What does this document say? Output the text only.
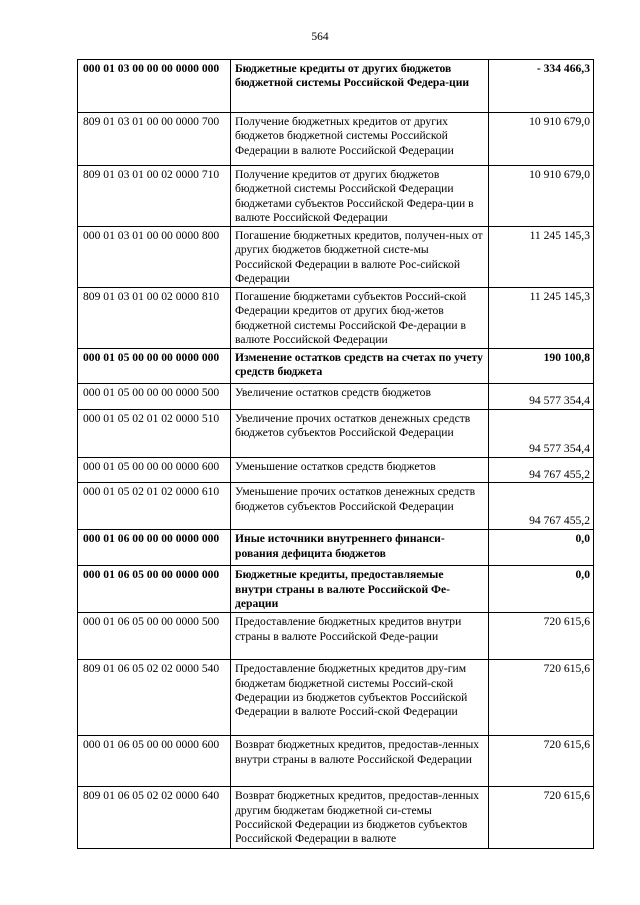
564
000 01 03 00 00 00 0000 000	Бюджетные кредиты от других бюджетов бюджетной системы Российской Федера-ции	- 334 466,3
809 01 03 01 00 00 0000 700	Получение бюджетных кредитов от других бюджетов бюджетной системы Российской Федерации в валюте Российской Федерации	10 910 679,0
809 01 03 01 00 02 0000 710	Получение кредитов от других бюджетов бюджетной системы Российской Федерации бюджетами субъектов Российской Федера-ции в валюте Российской Федерации	10 910 679,0
000 01 03 01 00 00 0000 800	Погашение бюджетных кредитов, получен-ных от других бюджетов бюджетной систе-мы Российской Федерации в валюте Рос-сийской Федерации	11 245 145,3
809 01 03 01 00 02 0000 810	Погашение бюджетами субъектов Россий-ской Федерации кредитов от других бюд-жетов бюджетной системы Российской Фе-дерации в валюте Российской Федерации	11 245 145,3
000 01 05 00 00 00 0000 000	Изменение остатков средств на счетах по учету средств бюджета	190 100,8
000 01 05 00 00 00 0000 500	Увеличение остатков средств бюджетов	94 577 354,4
000 01 05 02 01 02 0000 510	Увеличение прочих остатков денежных средств бюджетов субъектов Российской Федерации	94 577 354,4
000 01 05 00 00 00 0000 600	Уменьшение остатков средств бюджетов	94 767 455,2
000 01 05 02 01 02 0000 610	Уменьшение прочих остатков денежных средств бюджетов субъектов Российской Федерации	94 767 455,2
000 01 06 00 00 00 0000 000	Иные источники внутреннего финанси-рования дефицита бюджетов	0,0
000 01 06 05 00 00 0000 000	Бюджетные кредиты, предоставляемые внутри страны в валюте Российской Фе-дерации	0,0
000 01 06 05 00 00 0000 500	Предоставление бюджетных кредитов внутри страны в валюте Российской Феде-рации	720 615,6
809 01 06 05 02 02 0000 540	Предоставление бюджетных кредитов дру-гим бюджетам бюджетной системы Россий-ской Федерации из бюджетов субъектов Российской Федерации в валюте Россий-ской Федерации	720 615,6
000 01 06 05 00 00 0000 600	Возврат бюджетных кредитов, предостав-ленных внутри страны в валюте Российской Федерации	720 615,6
809 01 06 05 02 02 0000 640	Возврат бюджетных кредитов, предостав-ленных другим бюджетам бюджетной си-стемы Российской Федерации из бюджетов субъектов Российской Федерации в валюте	720 615,6
